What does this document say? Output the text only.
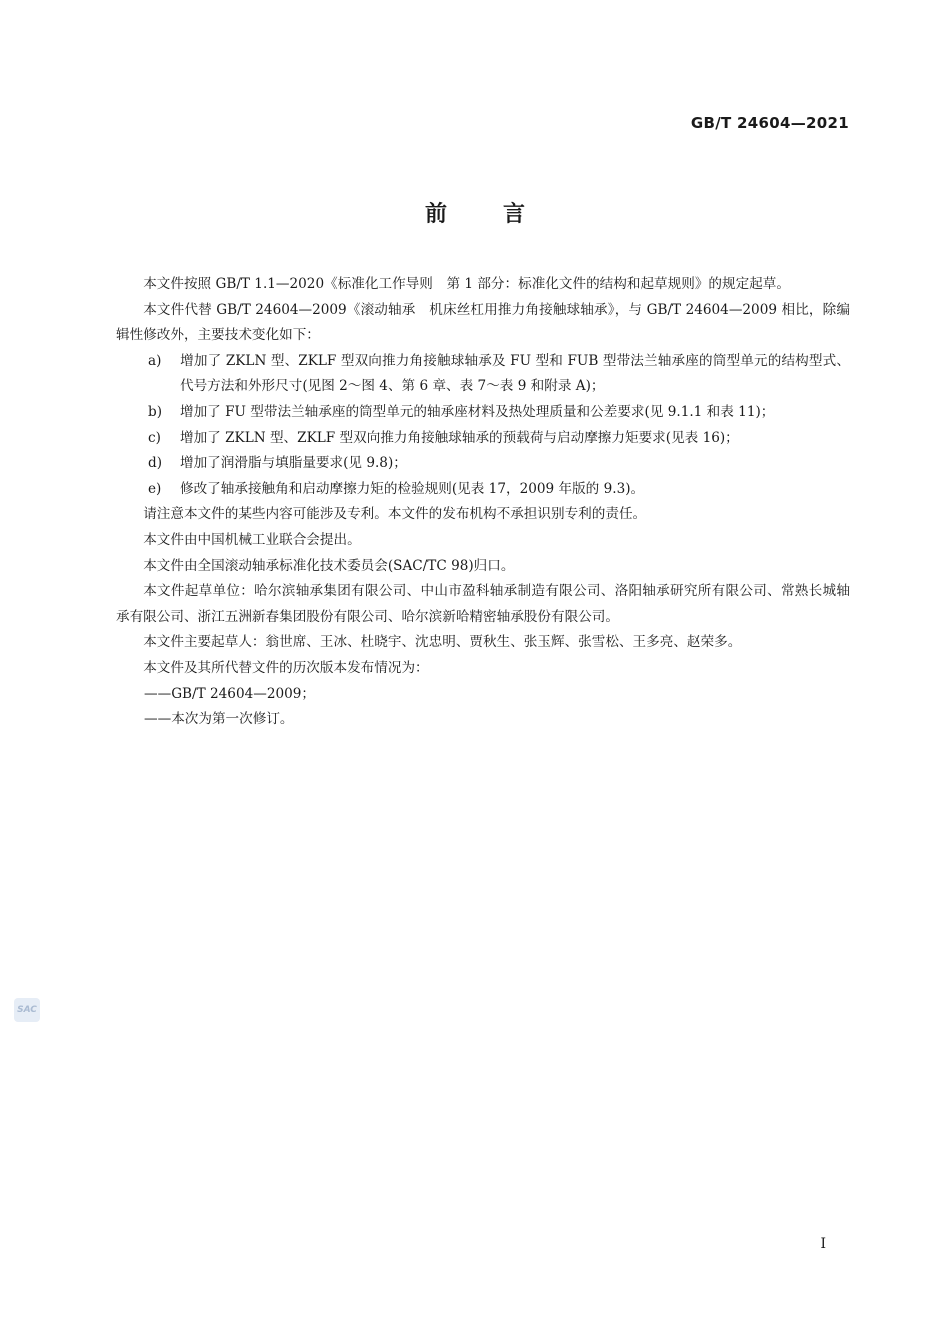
GB/T 24604—2021
前	言

本文件按照 GB/T 1.1—2020《标准化工作导则　第 1 部分：标准化文件的结构和起草规则》的规定起草。

本文件代替 GB/T 24604—2009《滚动轴承　机床丝杠用推力角接触球轴承》，与 GB/T 24604—2009 相比，除编辑性修改外，主要技术变化如下：

a) 增加了 ZKLN 型、ZKLF 型双向推力角接触球轴承及 FU 型和 FUB 型带法兰轴承座的筒型单元的结构型式、代号方法和外形尺寸(见图 2～图 4、第 6 章、表 7～表 9 和附录 A)；

b) 增加了 FU 型带法兰轴承座的筒型单元的轴承座材料及热处理质量和公差要求(见 9.1.1 和表 11)；

c) 增加了 ZKLN 型、ZKLF 型双向推力角接触球轴承的预载荷与启动摩擦力矩要求(见表 16)；

d) 增加了润滑脂与填脂量要求(见 9.8)；

e) 修改了轴承接触角和启动摩擦力矩的检验规则(见表 17，2009 年版的 9.3)。

请注意本文件的某些内容可能涉及专利。本文件的发布机构不承担识别专利的责任。

本文件由中国机械工业联合会提出。

本文件由全国滚动轴承标准化技术委员会(SAC/TC 98)归口。

本文件起草单位：哈尔滨轴承集团有限公司、中山市盈科轴承制造有限公司、洛阳轴承研究所有限公司、常熟长城轴承有限公司、浙江五洲新春集团股份有限公司、哈尔滨新哈精密轴承股份有限公司。

本文件主要起草人：翁世席、王冰、杜晓宇、沈忠明、贾秋生、张玉辉、张雪松、王多亮、赵荣多。

本文件及其所代替文件的历次版本发布情况为：

——GB/T 24604—2009；

——本次为第一次修订。

SAC
I
